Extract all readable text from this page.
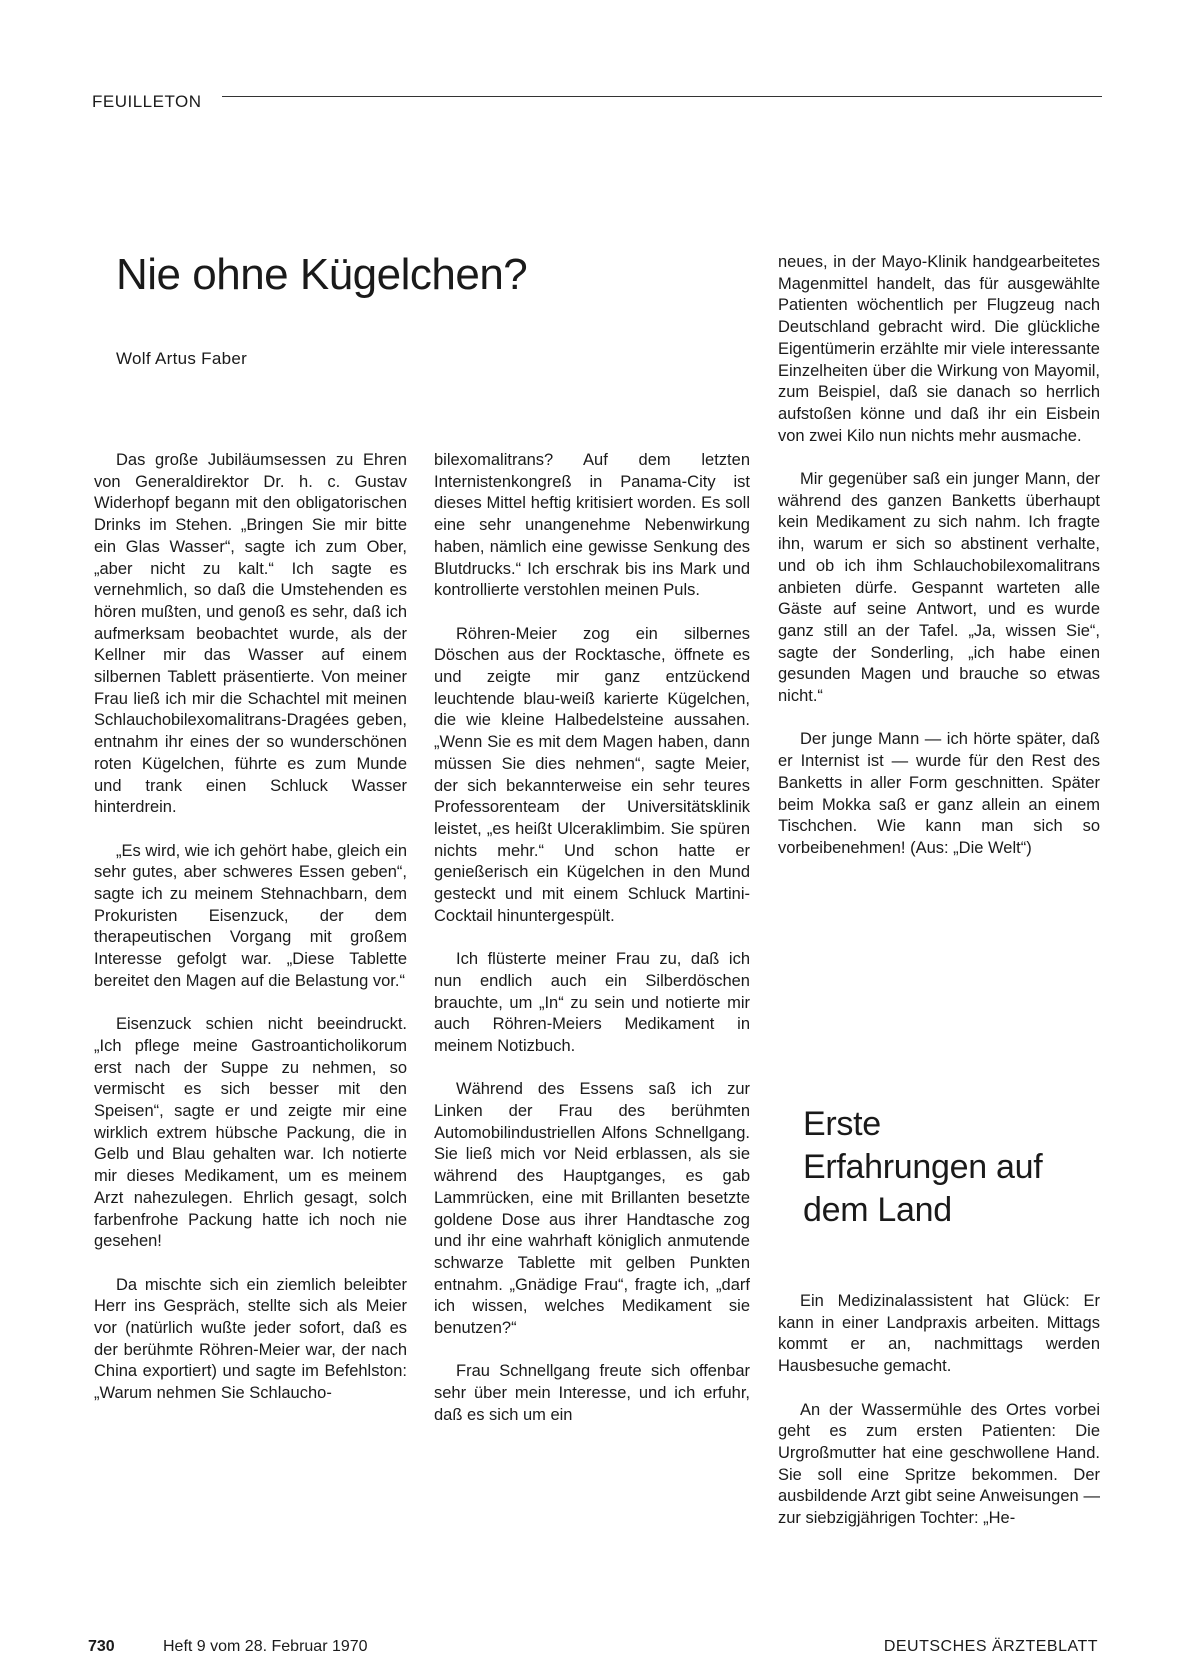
FEUILLETON
Nie ohne Kügelchen?

Wolf Artus Faber

Das große Jubiläumsessen zu Ehren von Generaldirektor Dr. h. c. Gustav Widerhopf begann mit den obligatorischen Drinks im Stehen. „Bringen Sie mir bitte ein Glas Wasser“, sagte ich zum Ober, „aber nicht zu kalt.“ Ich sagte es vernehmlich, so daß die Umstehenden es hören mußten, und genoß es sehr, daß ich aufmerksam beobachtet wurde, als der Kellner mir das Wasser auf einem silbernen Tablett präsentierte. Von meiner Frau ließ ich mir die Schachtel mit meinen Schlauchobilexomalitrans-Dragées geben, entnahm ihr eines der so wunderschönen roten Kügelchen, führte es zum Munde und trank einen Schluck Wasser hinterdrein.

„Es wird, wie ich gehört habe, gleich ein sehr gutes, aber schweres Essen geben“, sagte ich zu meinem Stehnachbarn, dem Prokuristen Eisenzuck, der dem therapeutischen Vorgang mit großem Interesse gefolgt war. „Diese Tablette bereitet den Magen auf die Belastung vor.“

Eisenzuck schien nicht beeindruckt. „Ich pflege meine Gastroanticholikorum erst nach der Suppe zu nehmen, so vermischt es sich besser mit den Speisen“, sagte er und zeigte mir eine wirklich extrem hübsche Packung, die in Gelb und Blau gehalten war. Ich notierte mir dieses Medikament, um es meinem Arzt nahezulegen. Ehrlich gesagt, solch farbenfrohe Packung hatte ich noch nie gesehen!

Da mischte sich ein ziemlich beleibter Herr ins Gespräch, stellte sich als Meier vor (natürlich wußte jeder sofort, daß es der berühmte Röhren-Meier war, der nach China exportiert) und sagte im Befehlston: „Warum nehmen Sie Schlaucho-

bilexomalitrans? Auf dem letzten Internistenkongreß in Panama-City ist dieses Mittel heftig kritisiert worden. Es soll eine sehr unangenehme Nebenwirkung haben, nämlich eine gewisse Senkung des Blutdrucks.“ Ich erschrak bis ins Mark und kontrollierte verstohlen meinen Puls.

Röhren-Meier zog ein silbernes Döschen aus der Rocktasche, öffnete es und zeigte mir ganz entzückend leuchtende blau-weiß karierte Kügelchen, die wie kleine Halbedelsteine aussahen. „Wenn Sie es mit dem Magen haben, dann müssen Sie dies nehmen“, sagte Meier, der sich bekannterweise ein sehr teures Professorenteam der Universitätsklinik leistet, „es heißt Ulceraklimbim. Sie spüren nichts mehr.“ Und schon hatte er genießerisch ein Kügelchen in den Mund gesteckt und mit einem Schluck Martini-Cocktail hinuntergespült.

Ich flüsterte meiner Frau zu, daß ich nun endlich auch ein Silberdöschen brauchte, um „In“ zu sein und notierte mir auch Röhren-Meiers Medikament in meinem Notizbuch.

Während des Essens saß ich zur Linken der Frau des berühmten Automobilindustriellen Alfons Schnellgang. Sie ließ mich vor Neid erblassen, als sie während des Hauptganges, es gab Lammrücken, eine mit Brillanten besetzte goldene Dose aus ihrer Handtasche zog und ihr eine wahrhaft königlich anmutende schwarze Tablette mit gelben Punkten entnahm. „Gnädige Frau“, fragte ich, „darf ich wissen, welches Medikament sie benutzen?“

Frau Schnellgang freute sich offenbar sehr über mein Interesse, und ich erfuhr, daß es sich um ein

neues, in der Mayo-Klinik handgearbeitetes Magenmittel handelt, das für ausgewählte Patienten wöchentlich per Flugzeug nach Deutschland gebracht wird. Die glückliche Eigentümerin erzählte mir viele interessante Einzelheiten über die Wirkung von Mayomil, zum Beispiel, daß sie danach so herrlich aufstoßen könne und daß ihr ein Eisbein von zwei Kilo nun nichts mehr ausmache.

Mir gegenüber saß ein junger Mann, der während des ganzen Banketts überhaupt kein Medikament zu sich nahm. Ich fragte ihn, warum er sich so abstinent verhalte, und ob ich ihm Schlauchobilexomalitrans anbieten dürfe. Gespannt warteten alle Gäste auf seine Antwort, und es wurde ganz still an der Tafel. „Ja, wissen Sie“, sagte der Sonderling, „ich habe einen gesunden Magen und brauche so etwas nicht.“

Der junge Mann — ich hörte später, daß er Internist ist — wurde für den Rest des Banketts in aller Form geschnitten. Später beim Mokka saß er ganz allein an einem Tischchen. Wie kann man sich so vorbeibenehmen! (Aus: „Die Welt“)

Erste
Erfahrungen auf
dem Land

Ein Medizinalassistent hat Glück: Er kann in einer Landpraxis arbeiten. Mittags kommt er an, nachmittags werden Hausbesuche gemacht.

An der Wassermühle des Ortes vorbei geht es zum ersten Patienten: Die Urgroßmutter hat eine geschwollene Hand. Sie soll eine Spritze bekommen. Der ausbildende Arzt gibt seine Anweisungen — zur siebzigjährigen Tochter: „He-

730	Heft 9 vom 28. Februar 1970	DEUTSCHES ÄRZTEBLATT
